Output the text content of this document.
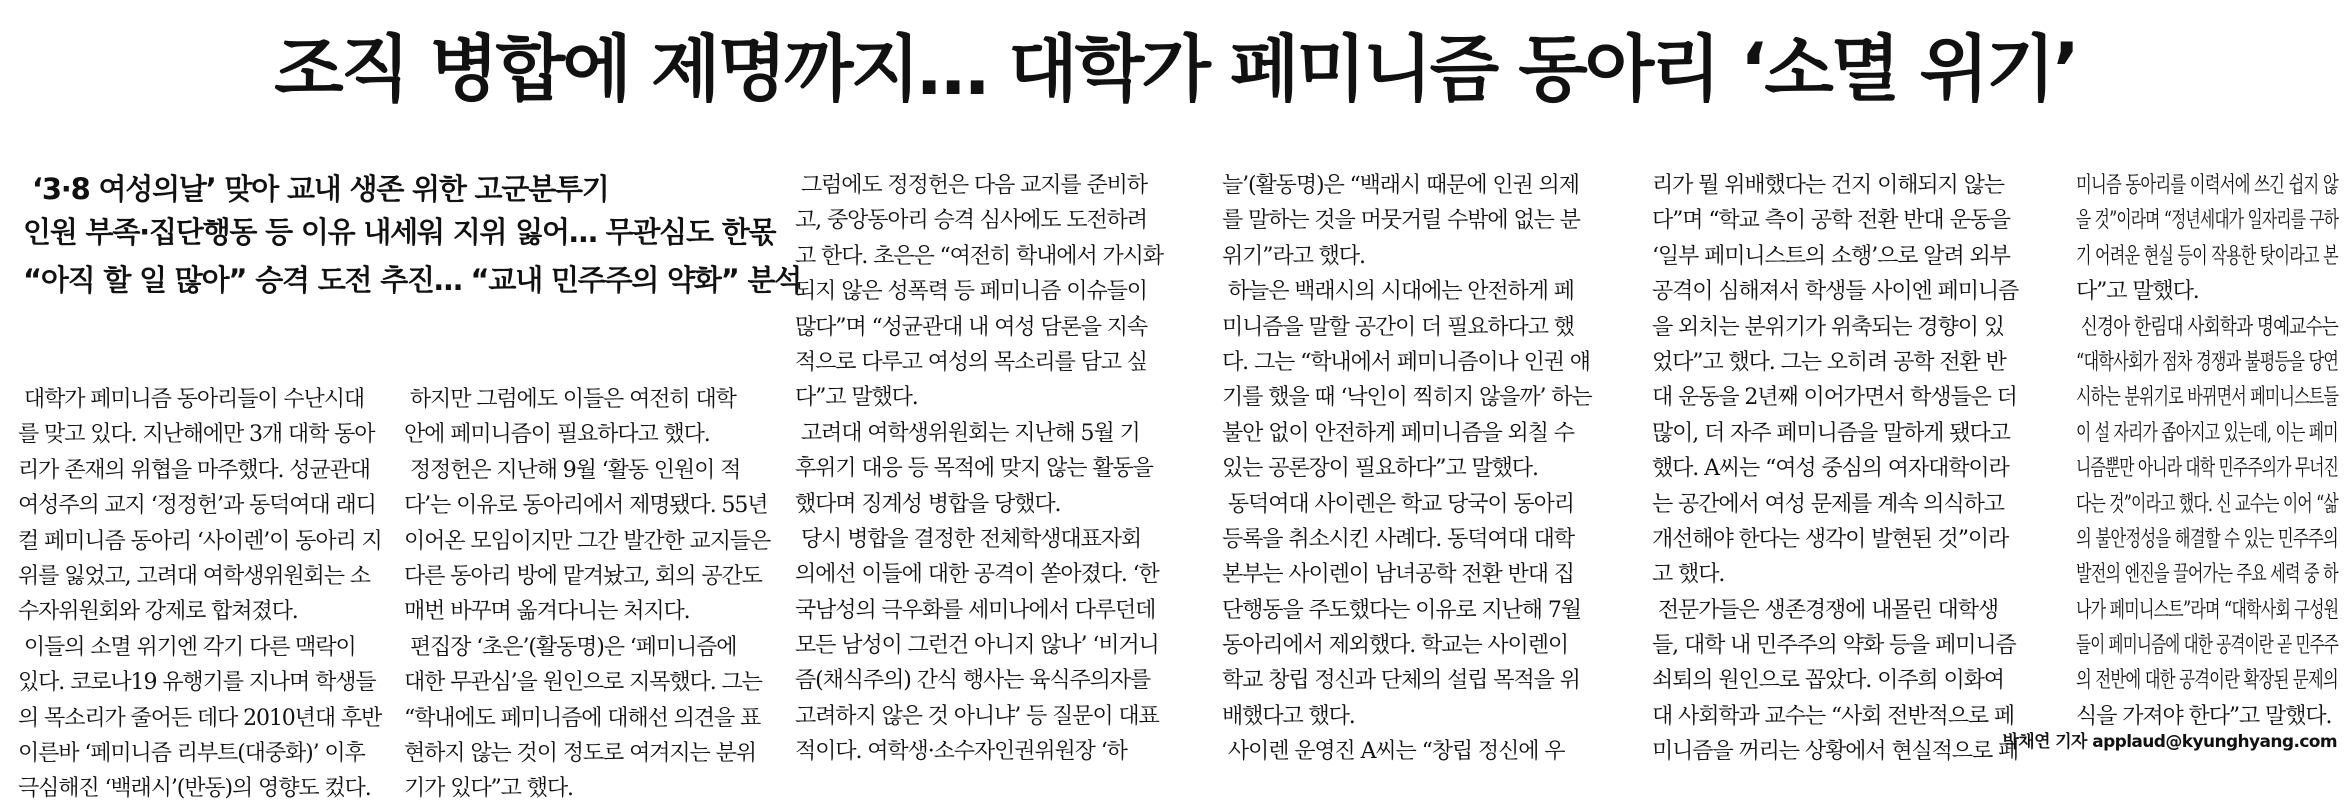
조직 병합에 제명까지… 대학가 페미니즘 동아리 ‘소멸 위기’
‘3·8 여성의날’ 맞아 교내 생존 위한 고군분투기
인원 부족·집단행동 등 이유 내세워 지위 잃어… 무관심도 한몫
“아직 할 일 많아” 승격 도전 추진… “교내 민주주의 약화” 분석
대학가 페미니즘 동아리들이 수난시대
를 맞고 있다. 지난해에만 3개 대학 동아
리가 존재의 위협을 마주했다. 성균관대
여성주의 교지 ‘정정헌’과 동덕여대 래디
컬 페미니즘 동아리 ‘사이렌’이 동아리 지
위를 잃었고, 고려대 여학생위원회는 소
수자위원회와 강제로 합쳐졌다.
이들의 소멸 위기엔 각기 다른 맥락이
있다. 코로나19 유행기를 지나며 학생들
의 목소리가 줄어든 데다 2010년대 후반
이른바 ‘페미니즘 리부트(대중화)’ 이후
극심해진 ‘백래시’(반동)의 영향도 컸다.
하지만 그럼에도 이들은 여전히 대학
안에 페미니즘이 필요하다고 했다.
정정헌은 지난해 9월 ‘활동 인원이 적
다’는 이유로 동아리에서 제명됐다. 55년
이어온 모임이지만 그간 발간한 교지들은
다른 동아리 방에 맡겨놨고, 회의 공간도
매번 바꾸며 옮겨다니는 처지다.
편집장 ‘초은’(활동명)은 ‘페미니즘에
대한 무관심’을 원인으로 지목했다. 그는
“학내에도 페미니즘에 대해선 의견을 표
현하지 않는 것이 정도로 여겨지는 분위
기가 있다”고 했다.
그럼에도 정정헌은 다음 교지를 준비하
고, 중앙동아리 승격 심사에도 도전하려
고 한다. 초은은 “여전히 학내에서 가시화
되지 않은 성폭력 등 페미니즘 이슈들이
많다”며 “성균관대 내 여성 담론을 지속
적으로 다루고 여성의 목소리를 담고 싶
다”고 말했다.
고려대 여학생위원회는 지난해 5월 기
후위기 대응 등 목적에 맞지 않는 활동을
했다며 징계성 병합을 당했다.
당시 병합을 결정한 전체학생대표자회
의에선 이들에 대한 공격이 쏟아졌다. ‘한
국남성의 극우화를 세미나에서 다루던데
모든 남성이 그런건 아니지 않나’ ‘비거니
즘(채식주의) 간식 행사는 육식주의자를
고려하지 않은 것 아니냐’ 등 질문이 대표
적이다. 여학생·소수자인권위원장 ‘하
늘’(활동명)은 “백래시 때문에 인권 의제
를 말하는 것을 머뭇거릴 수밖에 없는 분
위기”라고 했다.
하늘은 백래시의 시대에는 안전하게 페
미니즘을 말할 공간이 더 필요하다고 했
다. 그는 “학내에서 페미니즘이나 인권 얘
기를 했을 때 ‘낙인이 찍히지 않을까’ 하는
불안 없이 안전하게 페미니즘을 외칠 수
있는 공론장이 필요하다”고 말했다.
동덕여대 사이렌은 학교 당국이 동아리
등록을 취소시킨 사례다. 동덕여대 대학
본부는 사이렌이 남녀공학 전환 반대 집
단행동을 주도했다는 이유로 지난해 7월
동아리에서 제외했다. 학교는 사이렌이
학교 창립 정신과 단체의 설립 목적을 위
배했다고 했다.
사이렌 운영진 A씨는 “창립 정신에 우
리가 뭘 위배했다는 건지 이해되지 않는
다”며 “학교 측이 공학 전환 반대 운동을
‘일부 페미니스트의 소행’으로 알려 외부
공격이 심해져서 학생들 사이엔 페미니즘
을 외치는 분위기가 위축되는 경향이 있
었다”고 했다. 그는 오히려 공학 전환 반
대 운동을 2년째 이어가면서 학생들은 더
많이, 더 자주 페미니즘을 말하게 됐다고
했다. A씨는 “여성 중심의 여자대학이라
는 공간에서 여성 문제를 계속 의식하고
개선해야 한다는 생각이 발현된 것”이라
고 했다.
전문가들은 생존경쟁에 내몰린 대학생
들, 대학 내 민주주의 약화 등을 페미니즘
쇠퇴의 원인으로 꼽았다. 이주희 이화여
대 사회학과 교수는 “사회 전반적으로 페
미니즘을 꺼리는 상황에서 현실적으로 페
미니즘 동아리를 이력서에 쓰긴 쉽지 않
을 것”이라며 “정년세대가 일자리를 구하
기 어려운 현실 등이 작용한 탓이라고 본
다”고 말했다.
신경아 한림대 사회학과 명예교수는
“대학사회가 점차 경쟁과 불평등을 당연
시하는 분위기로 바뀌면서 페미니스트들
이 설 자리가 좁아지고 있는데, 이는 페미
니즘뿐만 아니라 대학 민주주의가 무너진
다는 것”이라고 했다. 신 교수는 이어 “삶
의 불안정성을 해결할 수 있는 민주주의
발전의 엔진을 끌어가는 주요 세력 중 하
나가 페미니스트”라며 “대학사회 구성원
들이 페미니즘에 대한 공격이란 곧 민주주
의 전반에 대한 공격이란 확장된 문제의
식을 가져야 한다”고 말했다.
박채연 기자 applaud@kyunghyang.com
